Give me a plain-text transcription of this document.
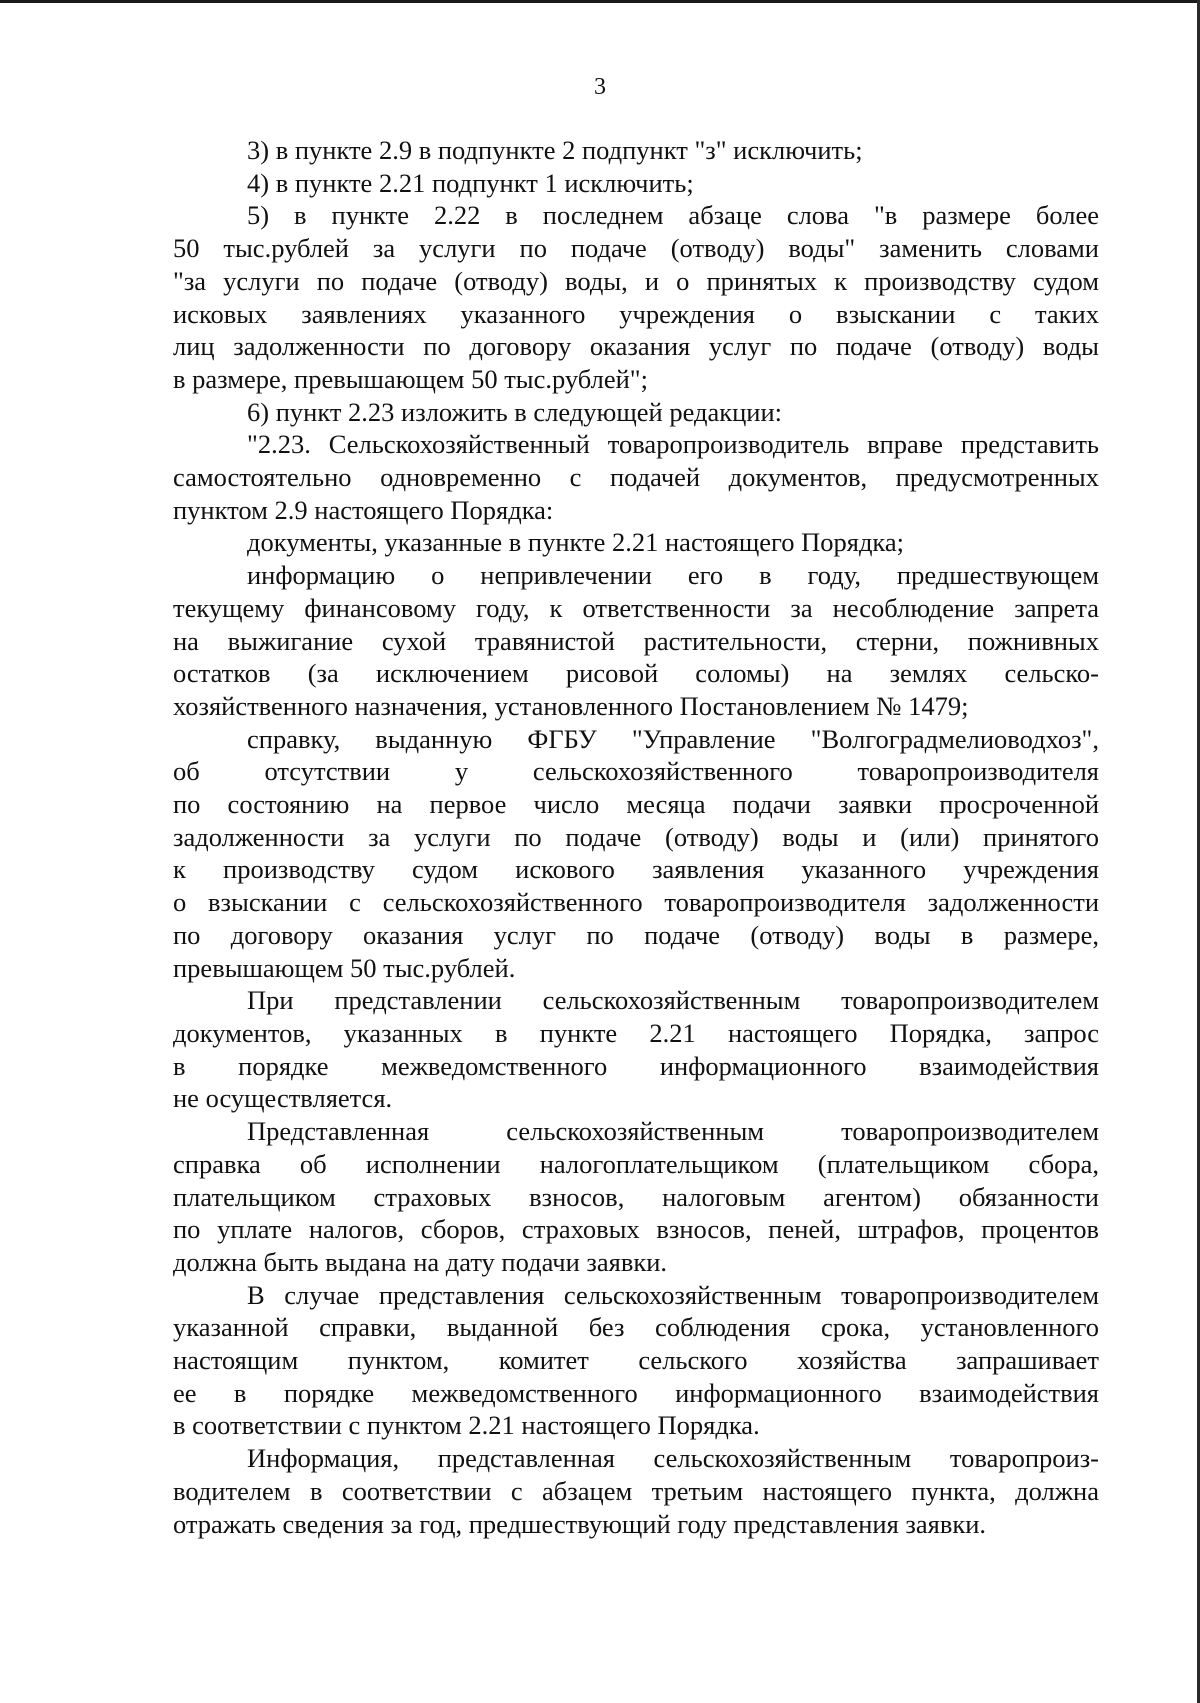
3
3) в пункте 2.9 в подпункте 2 подпункт "з" исключить;
4) в пункте 2.21 подпункт 1 исключить;
5) в пункте 2.22 в последнем абзаце слова "в размере более
50 тыс.рублей за услуги по подаче (отводу) воды" заменить словами
"за услуги по подаче (отводу) воды, и о принятых к производству судом
исковых заявлениях указанного учреждения о взыскании с таких
лиц задолженности по договору оказания услуг по подаче (отводу) воды
в размере, превышающем 50 тыс.рублей";
6) пункт 2.23 изложить в следующей редакции:
"2.23. Сельскохозяйственный товаропроизводитель вправе представить
самостоятельно одновременно с подачей документов, предусмотренных
пунктом 2.9 настоящего Порядка:
документы, указанные в пункте 2.21 настоящего Порядка;
информацию о непривлечении его в году, предшествующем
текущему финансовому году, к ответственности за несоблюдение запрета
на выжигание сухой травянистой растительности, стерни, пожнивных
остатков (за исключением рисовой соломы) на землях сельско-
хозяйственного назначения, установленного Постановлением № 1479;
справку, выданную ФГБУ "Управление "Волгоградмелиоводхоз",
об отсутствии у сельскохозяйственного товаропроизводителя
по состоянию на первое число месяца подачи заявки просроченной
задолженности за услуги по подаче (отводу) воды и (или) принятого
к производству судом искового заявления указанного учреждения
о взыскании с сельскохозяйственного товаропроизводителя задолженности
по договору оказания услуг по подаче (отводу) воды в размере,
превышающем 50 тыс.рублей.
При представлении сельскохозяйственным товаропроизводителем
документов, указанных в пункте 2.21 настоящего Порядка, запрос
в порядке межведомственного информационного взаимодействия
не осуществляется.
Представленная сельскохозяйственным товаропроизводителем
справка об исполнении налогоплательщиком (плательщиком сбора,
плательщиком страховых взносов, налоговым агентом) обязанности
по уплате налогов, сборов, страховых взносов, пеней, штрафов, процентов
должна быть выдана на дату подачи заявки.
В случае представления сельскохозяйственным товаропроизводителем
указанной справки, выданной без соблюдения срока, установленного
настоящим пунктом, комитет сельского хозяйства запрашивает
ее в порядке межведомственного информационного взаимодействия
в соответствии с пунктом 2.21 настоящего Порядка.
Информация, представленная сельскохозяйственным товаропроиз-
водителем в соответствии с абзацем третьим настоящего пункта, должна
отражать сведения за год, предшествующий году представления заявки.
